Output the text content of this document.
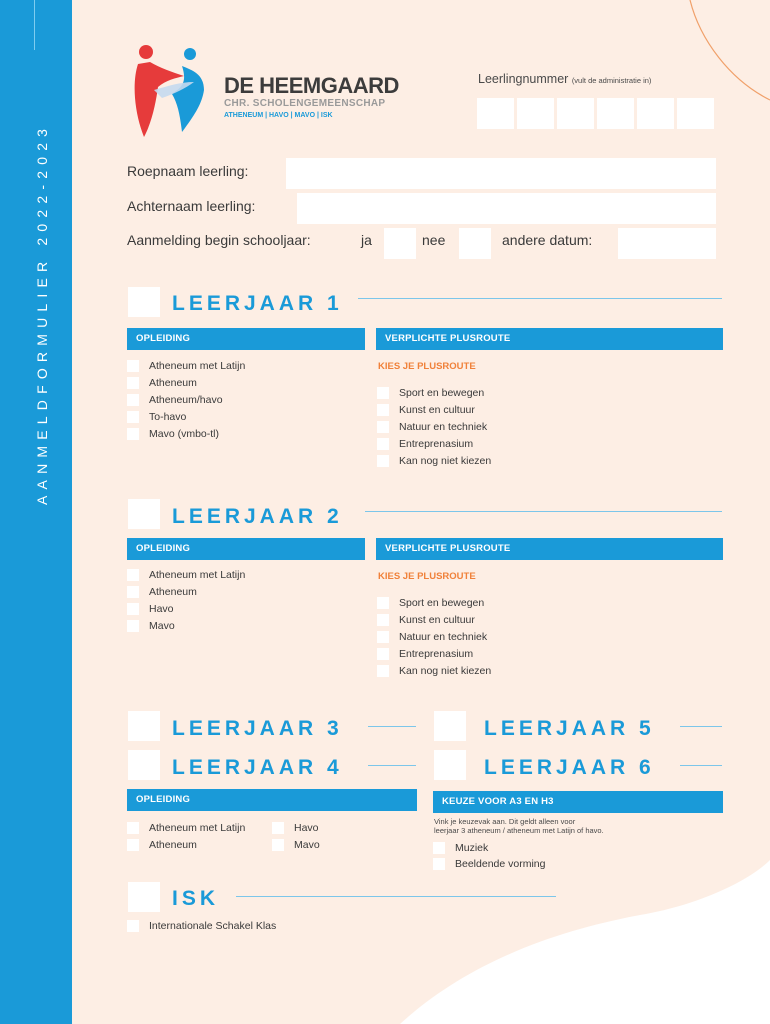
AANMELDFORMULIER 2022-2023
DE HEEMGAARD
CHR. SCHOLENGEMEENSCHAP
ATHENEUM | HAVO | MAVO | ISK
Leerlingnummer (vult de administratie in)
Roepnaam leerling:
Achternaam leerling:
Aanmelding begin schooljaar:	ja	nee	andere datum:
LEERJAAR 1
OPLEIDING	VERPLICHTE PLUSROUTE
KIES JE PLUSROUTE
Atheneum met Latijn
Atheneum
Atheneum/havo
To-havo
Mavo (vmbo-tl)
Sport en bewegen
Kunst en cultuur
Natuur en techniek
Entreprenasium
Kan nog niet kiezen
LEERJAAR 2
OPLEIDING	VERPLICHTE PLUSROUTE
KIES JE PLUSROUTE
Atheneum met Latijn
Atheneum
Havo
Mavo
Sport en bewegen
Kunst en cultuur
Natuur en techniek
Entreprenasium
Kan nog niet kiezen
LEERJAAR 3
LEERJAAR 4
LEERJAAR 5
LEERJAAR 6
OPLEIDING	KEUZE VOOR A3 EN H3
Atheneum met Latijn
Atheneum
Havo
Mavo
Vink je keuzevak aan. Dit geldt alleen voor
leerjaar 3 atheneum / atheneum met Latijn of havo.
Muziek
Beeldende vorming
ISK
Internationale Schakel Klas
